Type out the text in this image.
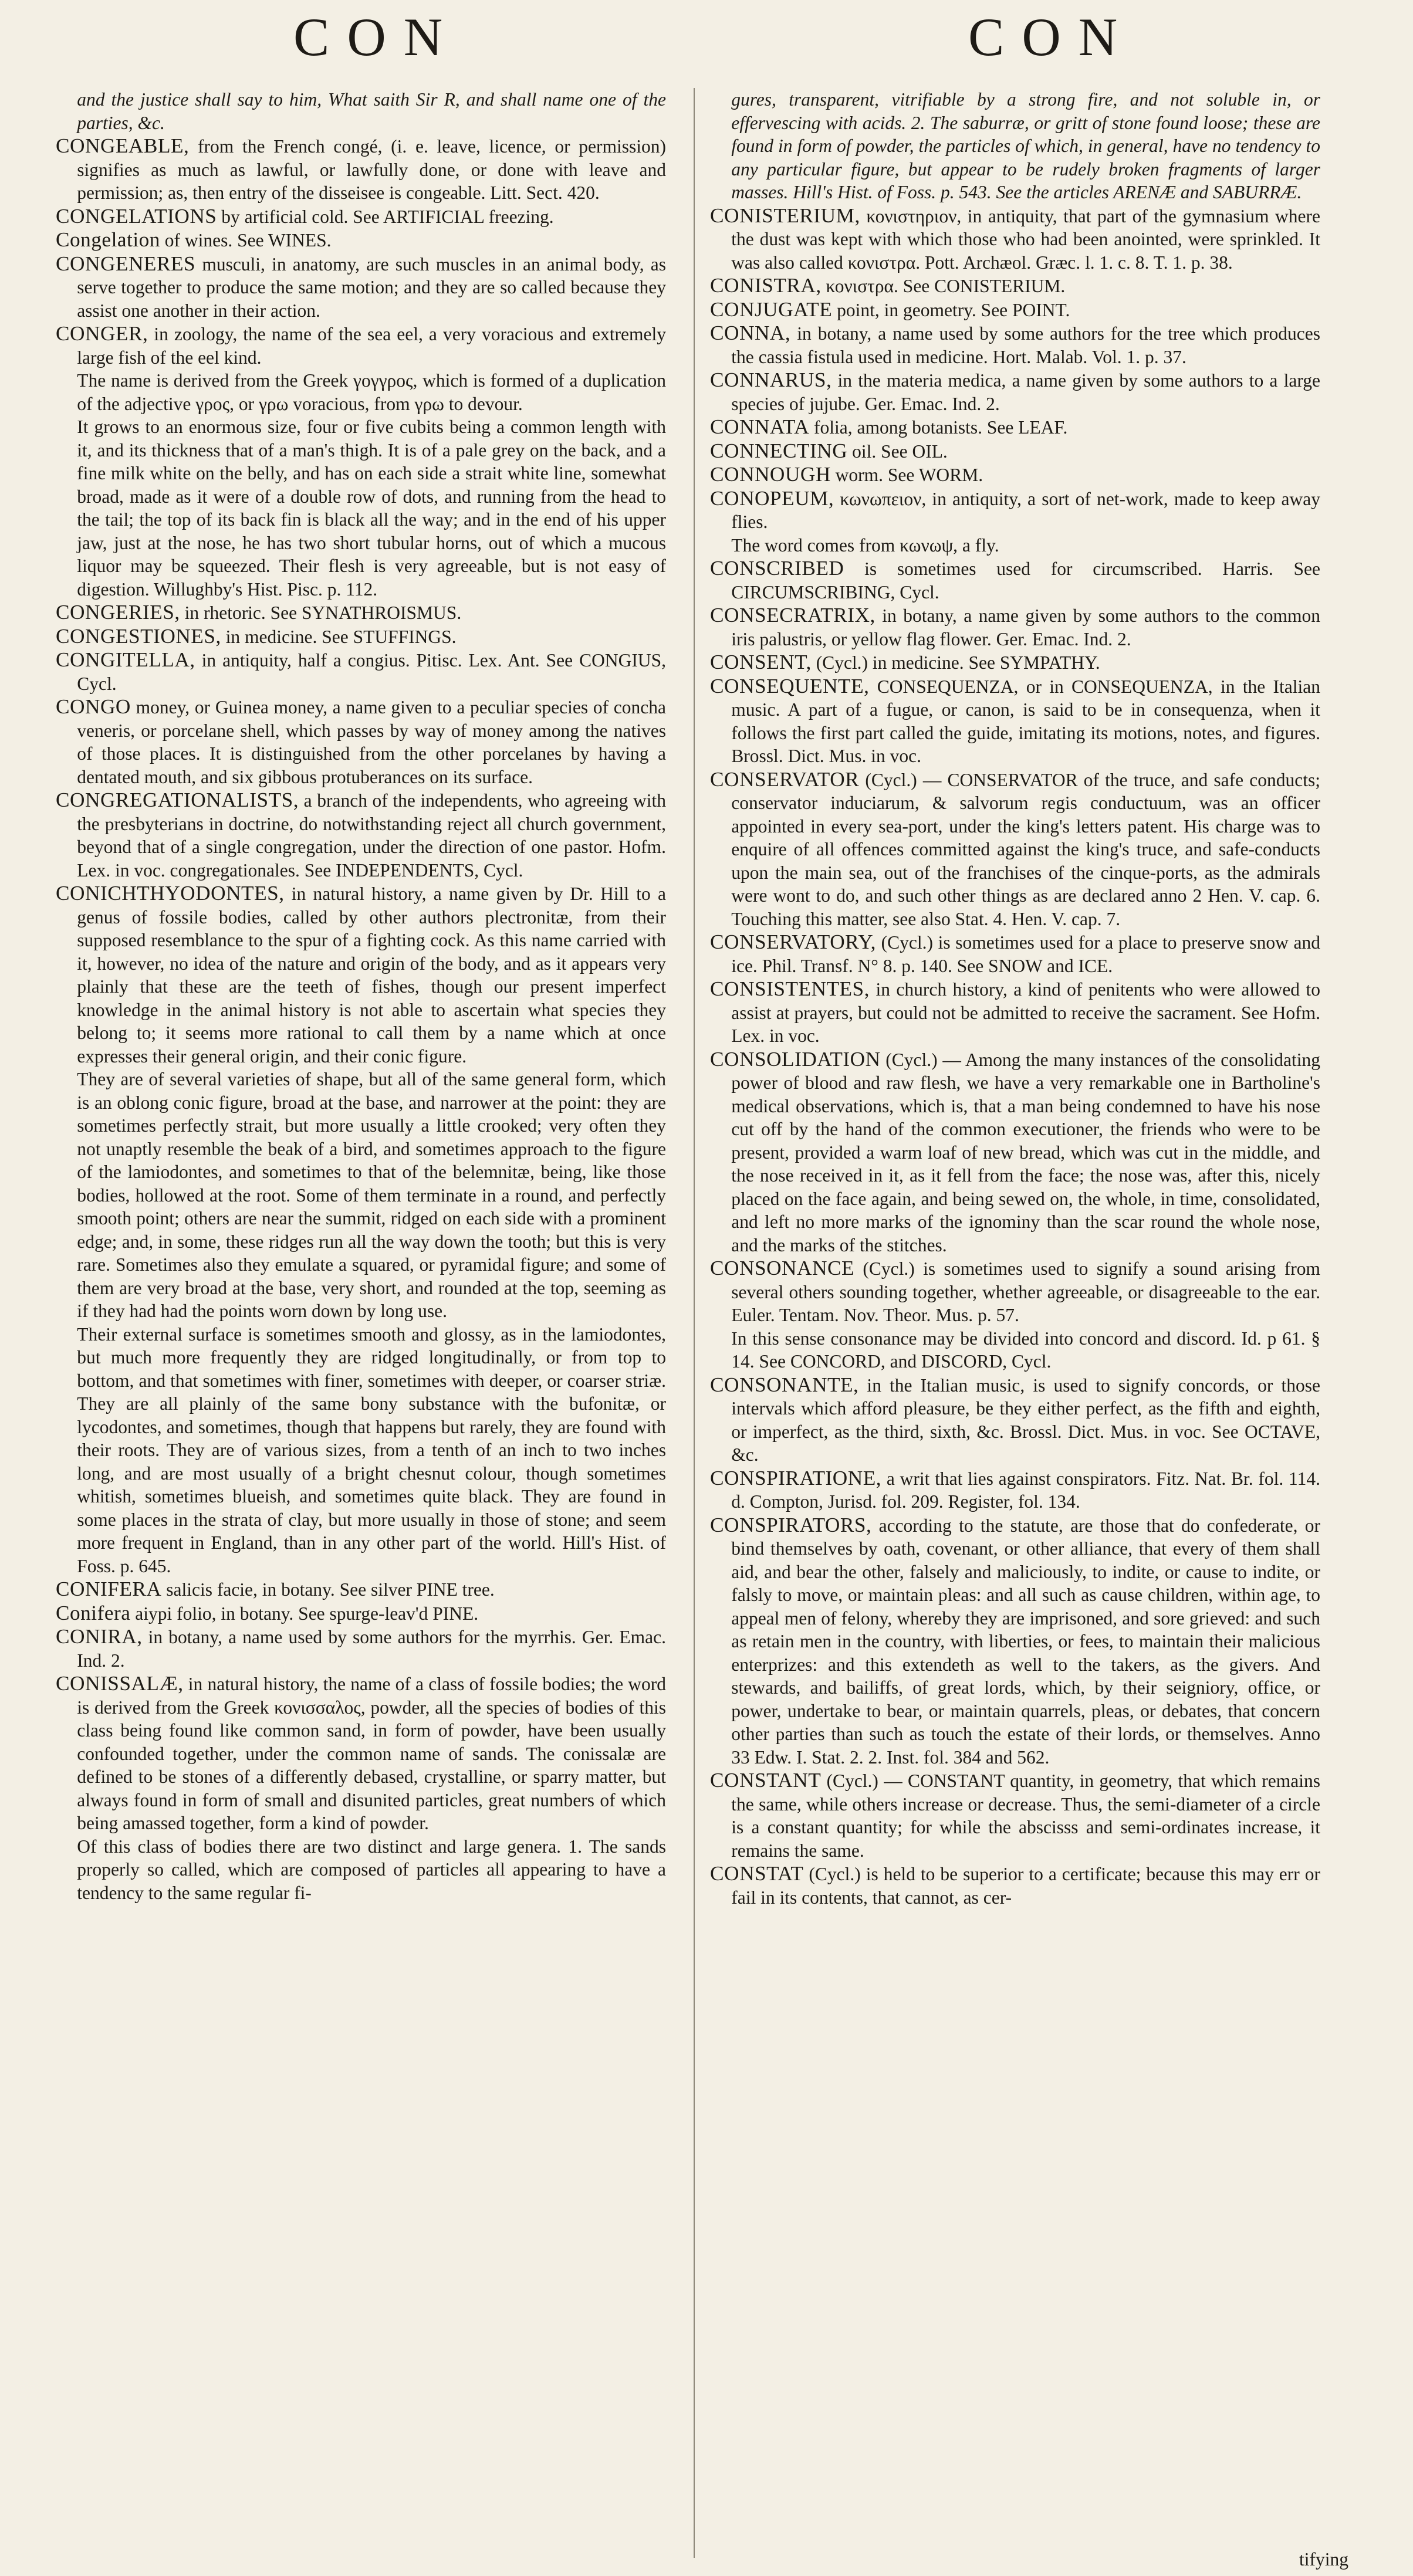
CON	CON

and the justice shall say to him, What saith Sir R, and shall name one of the parties, &c.

CONGEABLE, from the French congé, (i. e. leave, licence, or permission) signifies as much as lawful, or lawfully done, or done with leave and permission; as, then entry of the disseisee is congeable. Litt. Sect. 420.

CONGELATIONS by artificial cold. See ARTIFICIAL freezing.

Congelation of wines. See WINES.

CONGENERES musculi, in anatomy, are such muscles in an animal body, as serve together to produce the same motion; and they are so called because they assist one another in their action.

CONGER, in zoology, the name of the sea eel, a very voracious and extremely large fish of the eel kind.

The name is derived from the Greek γογγρος, which is formed of a duplication of the adjective γρος, or γρω voracious, from γρω to devour.

It grows to an enormous size, four or five cubits being a common length with it, and its thickness that of a man's thigh. It is of a pale grey on the back, and a fine milk white on the belly, and has on each side a strait white line, somewhat broad, made as it were of a double row of dots, and running from the head to the tail; the top of its back fin is black all the way; and in the end of his upper jaw, just at the nose, he has two short tubular horns, out of which a mucous liquor may be squeezed. Their flesh is very agreeable, but is not easy of digestion. Willughby's Hist. Pisc. p. 112.

CONGERIES, in rhetoric. See SYNATHROISMUS.

CONGESTIONES, in medicine. See STUFFINGS.

CONGITELLA, in antiquity, half a congius. Pitisc. Lex. Ant. See CONGIUS, Cycl.

CONGO money, or Guinea money, a name given to a peculiar species of concha veneris, or porcelane shell, which passes by way of money among the natives of those places. It is distinguished from the other porcelanes by having a dentated mouth, and six gibbous protuberances on its surface.

CONGREGATIONALISTS, a branch of the independents, who agreeing with the presbyterians in doctrine, do notwithstanding reject all church government, beyond that of a single congregation, under the direction of one pastor. Hofm. Lex. in voc. congregationales. See INDEPENDENTS, Cycl.

CONICHTHYODONTES, in natural history, a name given by Dr. Hill to a genus of fossile bodies, called by other authors plectronitæ, from their supposed resemblance to the spur of a fighting cock. As this name carried with it, however, no idea of the nature and origin of the body, and as it appears very plainly that these are the teeth of fishes, though our present imperfect knowledge in the animal history is not able to ascertain what species they belong to; it seems more rational to call them by a name which at once expresses their general origin, and their conic figure.

They are of several varieties of shape, but all of the same general form, which is an oblong conic figure, broad at the base, and narrower at the point: they are sometimes perfectly strait, but more usually a little crooked; very often they not unaptly resemble the beak of a bird, and sometimes approach to the figure of the lamiodontes, and sometimes to that of the belemnitæ, being, like those bodies, hollowed at the root. Some of them terminate in a round, and perfectly smooth point; others are near the summit, ridged on each side with a prominent edge; and, in some, these ridges run all the way down the tooth; but this is very rare. Sometimes also they emulate a squared, or pyramidal figure; and some of them are very broad at the base, very short, and rounded at the top, seeming as if they had had the points worn down by long use.

Their external surface is sometimes smooth and glossy, as in the lamiodontes, but much more frequently they are ridged longitudinally, or from top to bottom, and that sometimes with finer, sometimes with deeper, or coarser striæ. They are all plainly of the same bony substance with the bufonitæ, or lycodontes, and sometimes, though that happens but rarely, they are found with their roots. They are of various sizes, from a tenth of an inch to two inches long, and are most usually of a bright chesnut colour, though sometimes whitish, sometimes blueish, and sometimes quite black. They are found in some places in the strata of clay, but more usually in those of stone; and seem more frequent in England, than in any other part of the world. Hill's Hist. of Foss. p. 645.

CONIFERA salicis facie, in botany. See silver PINE tree.

Conifera aiypi folio, in botany. See spurge-leav'd PINE.

CONIRA, in botany, a name used by some authors for the myrrhis. Ger. Emac. Ind. 2.

CONISSALÆ, in natural history, the name of a class of fossile bodies; the word is derived from the Greek κονισσαλος, powder, all the species of bodies of this class being found like common sand, in form of powder, have been usually confounded together, under the common name of sands. The conissalæ are defined to be stones of a differently debased, crystalline, or sparry matter, but always found in form of small and disunited particles, great numbers of which being amassed together, form a kind of powder.

Of this class of bodies there are two distinct and large genera. 1. The sands properly so called, which are composed of particles all appearing to have a tendency to the same regular fi-

gures, transparent, vitrifiable by a strong fire, and not soluble in, or effervescing with acids. 2. The saburræ, or gritt of stone found loose; these are found in form of powder, the particles of which, in general, have no tendency to any particular figure, but appear to be rudely broken fragments of larger masses. Hill's Hist. of Foss. p. 543. See the articles ARENÆ and SABURRÆ.

CONISTERIUM, κονιστηριον, in antiquity, that part of the gymnasium where the dust was kept with which those who had been anointed, were sprinkled. It was also called κονιστρα. Pott. Archæol. Græc. l. 1. c. 8. T. 1. p. 38.

CONISTRA, κονιστρα. See CONISTERIUM.

CONJUGATE point, in geometry. See POINT.

CONNA, in botany, a name used by some authors for the tree which produces the cassia fistula used in medicine. Hort. Malab. Vol. 1. p. 37.

CONNARUS, in the materia medica, a name given by some authors to a large species of jujube. Ger. Emac. Ind. 2.

CONNATA folia, among botanists. See LEAF.

CONNECTING oil. See OIL.

CONNOUGH worm. See WORM.

CONOPEUM, κωνωπειον, in antiquity, a sort of net-work, made to keep away flies.

The word comes from κωνωψ, a fly.

CONSCRIBED is sometimes used for circumscribed. Harris. See CIRCUMSCRIBING, Cycl.

CONSECRATRIX, in botany, a name given by some authors to the common iris palustris, or yellow flag flower. Ger. Emac. Ind. 2.

CONSENT, (Cycl.) in medicine. See SYMPATHY.

CONSEQUENTE, CONSEQUENZA, or in CONSEQUENZA, in the Italian music. A part of a fugue, or canon, is said to be in consequenza, when it follows the first part called the guide, imitating its motions, notes, and figures. Brossl. Dict. Mus. in voc.

CONSERVATOR (Cycl.) — CONSERVATOR of the truce, and safe conducts; conservator induciarum, & salvorum regis conductuum, was an officer appointed in every sea-port, under the king's letters patent. His charge was to enquire of all offences committed against the king's truce, and safe-conducts upon the main sea, out of the franchises of the cinque-ports, as the admirals were wont to do, and such other things as are declared anno 2 Hen. V. cap. 6. Touching this matter, see also Stat. 4. Hen. V. cap. 7.

CONSERVATORY, (Cycl.) is sometimes used for a place to preserve snow and ice. Phil. Transf. N° 8. p. 140. See SNOW and ICE.

CONSISTENTES, in church history, a kind of penitents who were allowed to assist at prayers, but could not be admitted to receive the sacrament. See Hofm. Lex. in voc.

CONSOLIDATION (Cycl.) — Among the many instances of the consolidating power of blood and raw flesh, we have a very remarkable one in Bartholine's medical observations, which is, that a man being condemned to have his nose cut off by the hand of the common executioner, the friends who were to be present, provided a warm loaf of new bread, which was cut in the middle, and the nose received in it, as it fell from the face; the nose was, after this, nicely placed on the face again, and being sewed on, the whole, in time, consolidated, and left no more marks of the ignominy than the scar round the whole nose, and the marks of the stitches.

CONSONANCE (Cycl.) is sometimes used to signify a sound arising from several others sounding together, whether agreeable, or disagreeable to the ear. Euler. Tentam. Nov. Theor. Mus. p. 57.

In this sense consonance may be divided into concord and discord. Id. p 61. § 14. See CONCORD, and DISCORD, Cycl.

CONSONANTE, in the Italian music, is used to signify concords, or those intervals which afford pleasure, be they either perfect, as the fifth and eighth, or imperfect, as the third, sixth, &c. Brossl. Dict. Mus. in voc. See OCTAVE, &c.

CONSPIRATIONE, a writ that lies against conspirators. Fitz. Nat. Br. fol. 114. d. Compton, Jurisd. fol. 209. Register, fol. 134.

CONSPIRATORS, according to the statute, are those that do confederate, or bind themselves by oath, covenant, or other alliance, that every of them shall aid, and bear the other, falsely and maliciously, to indite, or cause to indite, or falsly to move, or maintain pleas: and all such as cause children, within age, to appeal men of felony, whereby they are imprisoned, and sore grieved: and such as retain men in the country, with liberties, or fees, to maintain their malicious enterprizes: and this extendeth as well to the takers, as the givers. And stewards, and bailiffs, of great lords, which, by their seigniory, office, or power, undertake to bear, or maintain quarrels, pleas, or debates, that concern other parties than such as touch the estate of their lords, or themselves. Anno 33 Edw. I. Stat. 2. 2. Inst. fol. 384 and 562.

CONSTANT (Cycl.) — CONSTANT quantity, in geometry, that which remains the same, while others increase or decrease. Thus, the semi-diameter of a circle is a constant quantity; for while the abscisss and semi-ordinates increase, it remains the same.

CONSTAT (Cycl.) is held to be superior to a certificate; because this may err or fail in its contents, that cannot, as cer-

tifying
